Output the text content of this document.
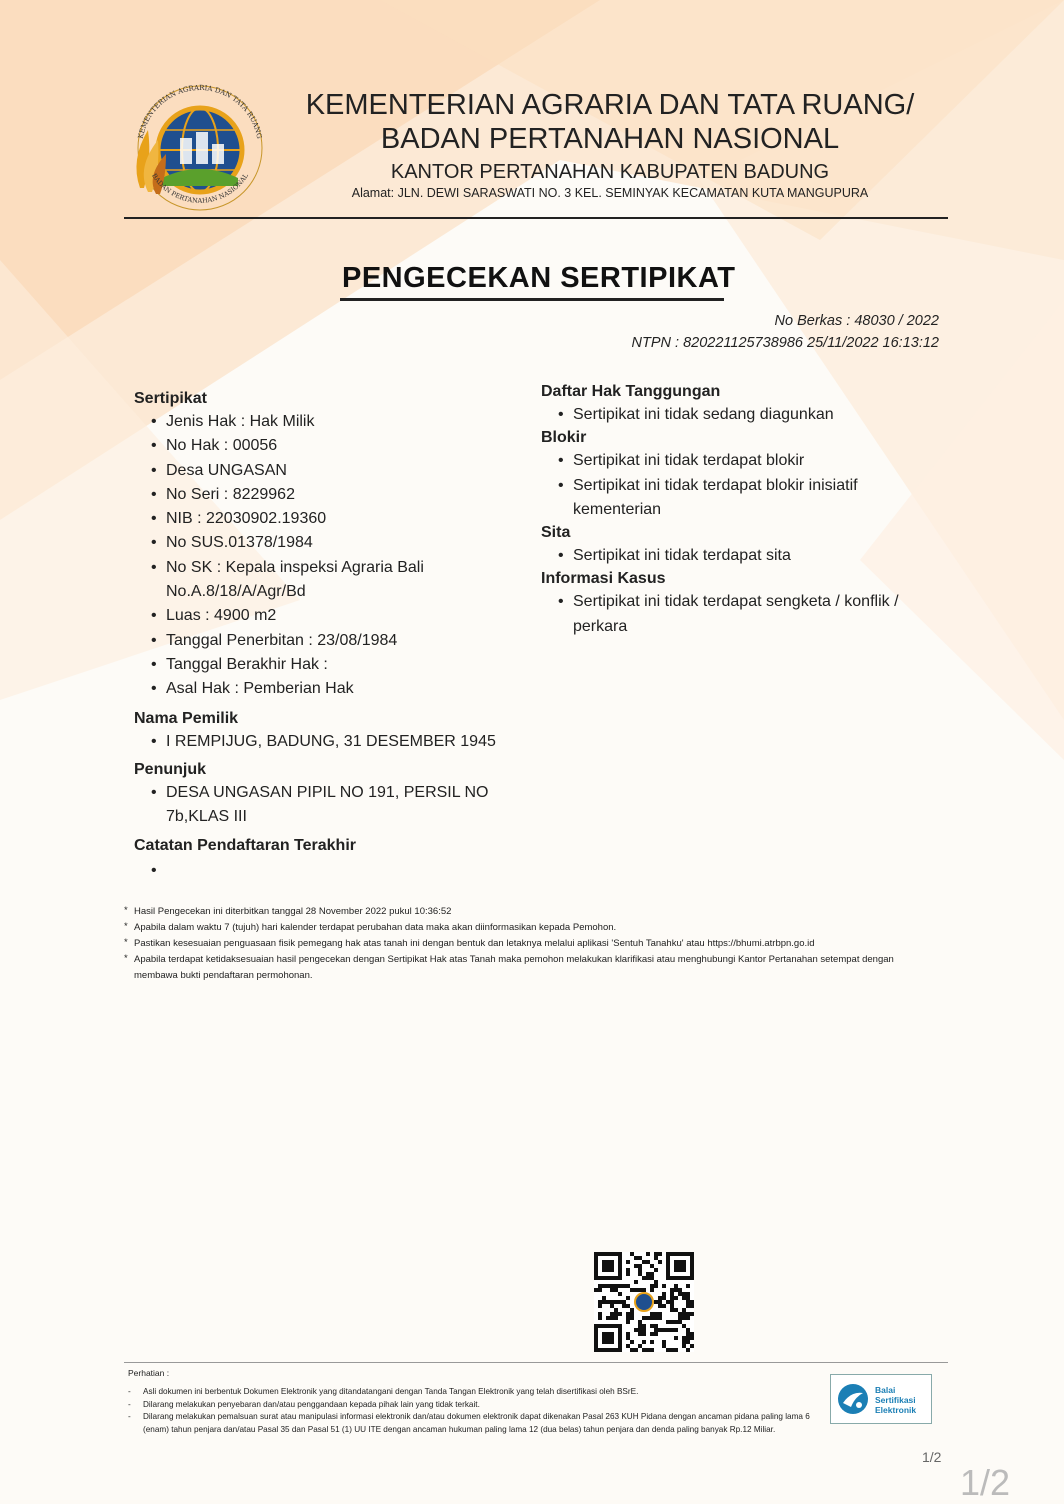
KEMENTERIAN AGRARIA DAN TATA RUANG
BADAN PERTANAHAN NASIONAL
KEMENTERIAN AGRARIA DAN TATA RUANG/
BADAN PERTANAHAN NASIONAL
KANTOR PERTANAHAN KABUPATEN BADUNG
Alamat: JLN. DEWI SARASWATI NO. 3 KEL. SEMINYAK KECAMATAN KUTA MANGUPURA
PENGECEKAN SERTIPIKAT
No Berkas : 48030 / 2022
NTPN : 820221125738986 25/11/2022 16:13:12
Sertipikat
• Jenis Hak : Hak Milik
• No Hak : 00056
• Desa UNGASAN
• No Seri : 8229962
• NIB : 22030902.19360
• No SUS.01378/1984
• No SK : Kepala inspeksi Agraria Bali No.A.8/18/A/Agr/Bd
• Luas : 4900 m2
• Tanggal Penerbitan : 23/08/1984
• Tanggal Berakhir Hak :
• Asal Hak : Pemberian Hak
Nama Pemilik
• I REMPIJUG, BADUNG, 31 DESEMBER 1945
Penunjuk
• DESA UNGASAN PIPIL NO 191, PERSIL NO 7b,KLAS III
Catatan Pendaftaran Terakhir
•
Daftar Hak Tanggungan
• Sertipikat ini tidak sedang diagunkan
Blokir
• Sertipikat ini tidak terdapat blokir
• Sertipikat ini tidak terdapat blokir inisiatif kementerian
Sita
• Sertipikat ini tidak terdapat sita
Informasi Kasus
• Sertipikat ini tidak terdapat sengketa / konflik / perkara
* Hasil Pengecekan ini diterbitkan tanggal 28 November 2022 pukul 10:36:52
* Apabila dalam waktu 7 (tujuh) hari kalender terdapat perubahan data maka akan diinformasikan kepada Pemohon.
* Pastikan kesesuaian penguasaan fisik pemegang hak atas tanah ini dengan bentuk dan letaknya melalui aplikasi 'Sentuh Tanahku' atau https://bhumi.atrbpn.go.id
* Apabila terdapat ketidaksesuaian hasil pengecekan dengan Sertipikat Hak atas Tanah maka pemohon melakukan klarifikasi atau menghubungi Kantor Pertanahan setempat dengan membawa bukti pendaftaran permohonan.
Perhatian :
- Asli dokumen ini berbentuk Dokumen Elektronik yang ditandatangani dengan Tanda Tangan Elektronik yang telah disertifikasi oleh BSrE.
- Dilarang melakukan penyebaran dan/atau penggandaan kepada pihak lain yang tidak terkait.
- Dilarang melakukan pemalsuan surat atau manipulasi informasi elektronik dan/atau dokumen elektronik dapat dikenakan Pasal 263 KUH Pidana dengan ancaman pidana paling lama 6 (enam) tahun penjara dan/atau Pasal 35 dan Pasal 51 (1) UU ITE dengan ancaman hukuman paling lama 12 (dua belas) tahun penjara dan denda paling banyak Rp.12 Miliar.
Balai
Sertifikasi
Elektronik
1/2
1/2
